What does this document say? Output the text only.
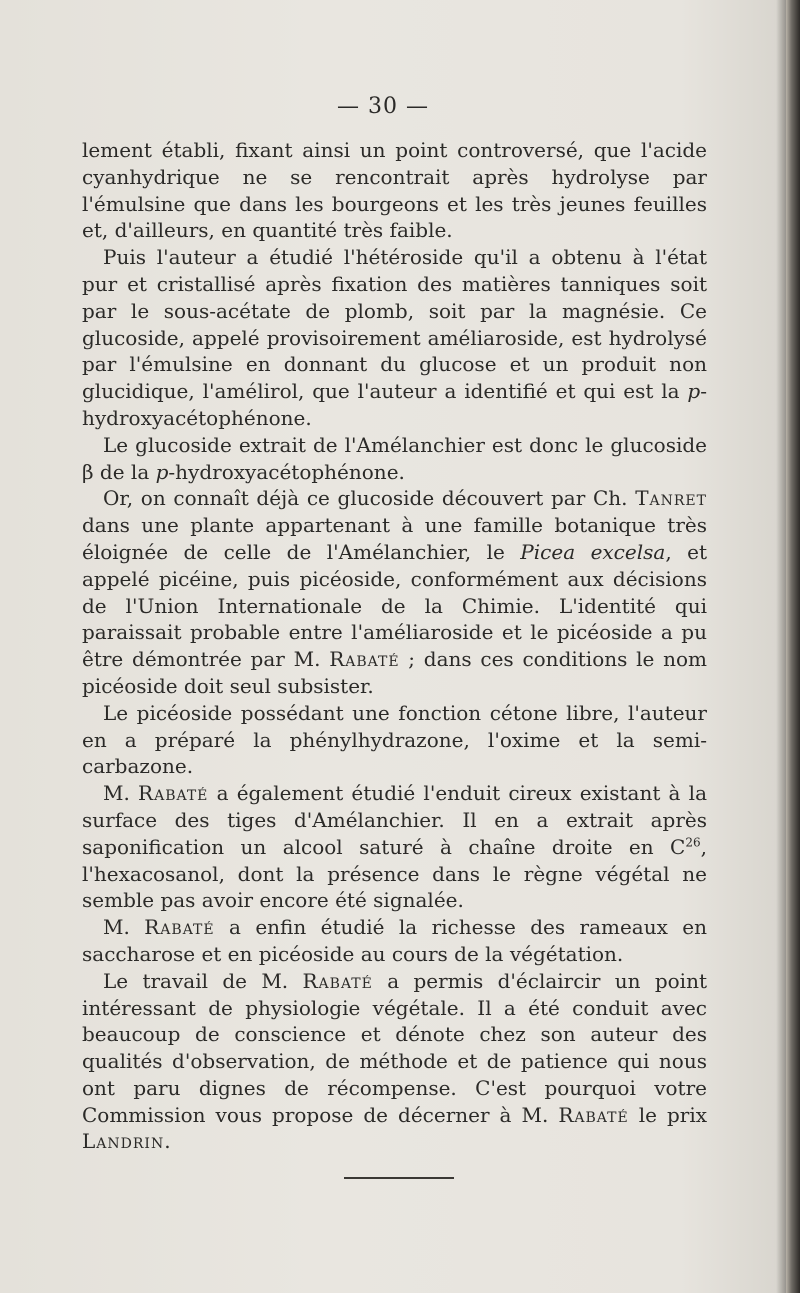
— 30 —

lement établi, fixant ainsi un point controversé, que l'acide cyanhydrique ne se rencontrait après hydrolyse par l'émulsine que dans les bourgeons et les très jeunes feuilles et, d'ailleurs, en quantité très faible.

Puis l'auteur a étudié l'hétéroside qu'il a obtenu à l'état pur et cristallisé après fixation des matières tanniques soit par le sous-acétate de plomb, soit par la magnésie. Ce glucoside, appelé provisoirement améliaroside, est hydrolysé par l'émulsine en donnant du glucose et un produit non glucidique, l'amélirol, que l'auteur a identifié et qui est la p-hydroxyacétophénone.

Le glucoside extrait de l'Amélanchier est donc le glucoside β de la p-hydroxyacétophénone.

Or, on connaît déjà ce glucoside découvert par Ch. Tanret dans une plante appartenant à une famille botanique très éloignée de celle de l'Amélanchier, le Picea excelsa, et appelé picéine, puis picéoside, conformément aux décisions de l'Union Internationale de la Chimie. L'identité qui paraissait probable entre l'améliaroside et le picéoside a pu être démontrée par M. Rabaté ; dans ces conditions le nom picéoside doit seul subsister.

Le picéoside possédant une fonction cétone libre, l'auteur en a préparé la phénylhydrazone, l'oxime et la semi-carbazone.

M. Rabaté a également étudié l'enduit cireux existant à la surface des tiges d'Amélanchier. Il en a extrait après saponification un alcool saturé à chaîne droite en $C^{26}$, l'hexacosanol, dont la présence dans le règne végétal ne semble pas avoir encore été signalée.

M. Rabaté a enfin étudié la richesse des rameaux en saccharose et en picéoside au cours de la végétation.

Le travail de M. Rabaté a permis d'éclaircir un point intéressant de physiologie végétale. Il a été conduit avec beaucoup de conscience et dénote chez son auteur des qualités d'observation, de méthode et de patience qui nous ont paru dignes de récompense. C'est pourquoi votre Commission vous propose de décerner à M. Rabaté le prix Landrin.
